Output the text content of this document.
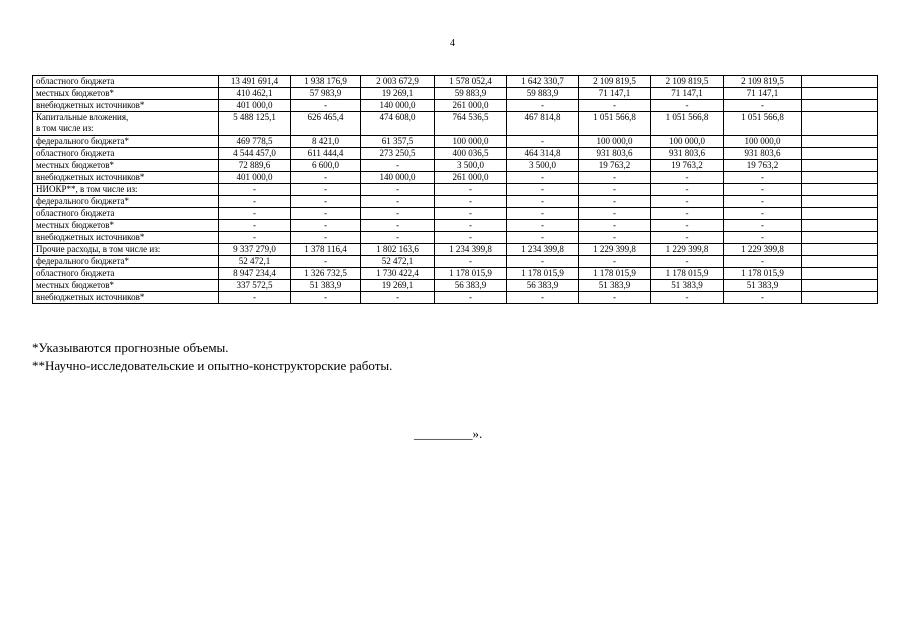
4
областного бюджета	13 491 691,4	1 938 176,9	2 003 672,9	1 578 052,4	1 642 330,7	2 109 819,5	2 109 819,5	2 109 819,5	
местных бюджетов*	410 462,1	57 983,9	19 269,1	59 883,9	59 883,9	71 147,1	71 147,1	71 147,1	
внебюджетных источников*	401 000,0	-	140 000,0	261 000,0	-	-	-	-	
Капитальные вложения,
в том числе из:	5 488 125,1	626 465,4	474 608,0	764 536,5	467 814,8	1 051 566,8	1 051 566,8	1 051 566,8	
федерального бюджета*	469 778,5	8 421,0	61 357,5	100 000,0	-	100 000,0	100 000,0	100 000,0	
областного бюджета	4 544 457,0	611 444,4	273 250,5	400 036,5	464 314,8	931 803,6	931 803,6	931 803,6	
местных бюджетов*	72 889,6	6 600,0	-	3 500,0	3 500,0	19 763,2	19 763,2	19 763,2	
внебюджетных источников*	401 000,0	-	140 000,0	261 000,0	-	-	-	-	
НИОКР**, в том числе из:	-	-	-	-	-	-	-	-	
федерального бюджета*	-	-	-	-	-	-	-	-	
областного бюджета	-	-	-	-	-	-	-	-	
местных бюджетов*	-	-	-	-	-	-	-	-	
внебюджетных источников*	-	-	-	-	-	-	-	-	
Прочие расходы, в том числе из:	9 337 279,0	1 378 116,4	1 802 163,6	1 234 399,8	1 234 399,8	1 229 399,8	1 229 399,8	1 229 399,8	
федерального бюджета*	52 472,1	-	52 472,1	-	-	-	-	-	
областного бюджета	8 947 234,4	1 326 732,5	1 730 422,4	1 178 015,9	1 178 015,9	1 178 015,9	1 178 015,9	1 178 015,9	
местных бюджетов*	337 572,5	51 383,9	19 269,1	56 383,9	56 383,9	51 383,9	51 383,9	51 383,9	
внебюджетных источников*	-	-	-	-	-	-	-	-	
*Указываются прогнозные объемы.
**Научно-исследовательские и опытно-конструкторские работы.
_________».
